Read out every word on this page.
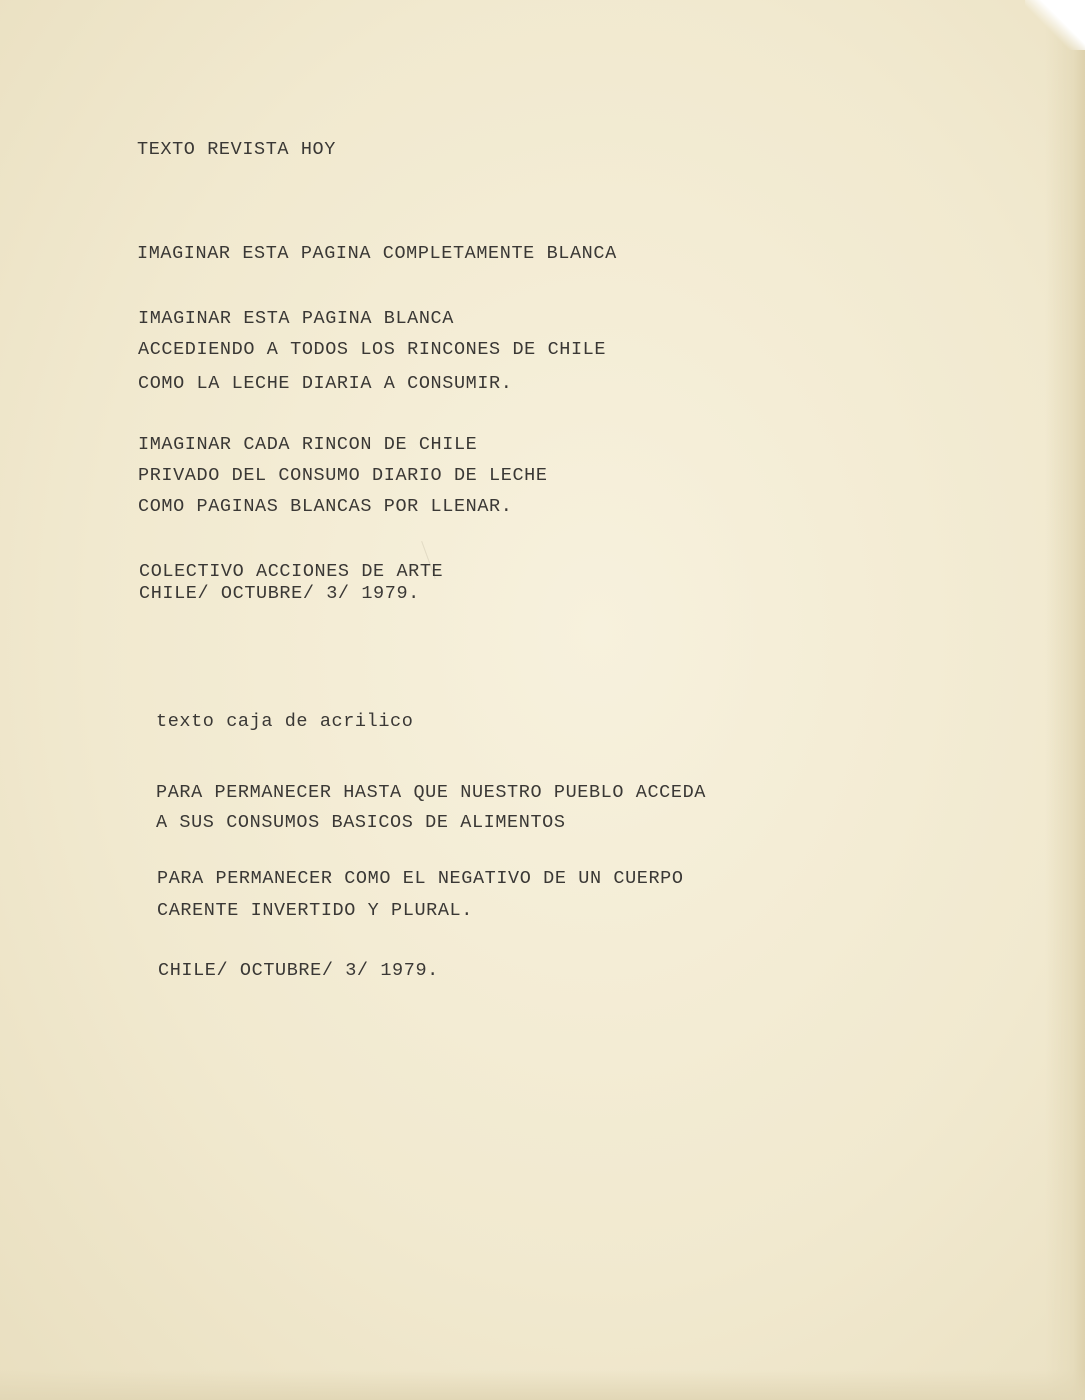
TEXTO REVISTA HOY
IMAGINAR ESTA PAGINA COMPLETAMENTE BLANCA
IMAGINAR ESTA PAGINA BLANCA
ACCEDIENDO A TODOS LOS RINCONES DE CHILE
COMO LA LECHE DIARIA A CONSUMIR.
IMAGINAR CADA RINCON DE CHILE
PRIVADO DEL CONSUMO DIARIO DE LECHE
COMO PAGINAS BLANCAS POR LLENAR.
COLECTIVO ACCIONES DE ARTE
CHILE/ OCTUBRE/ 3/ 1979.
texto caja de acrilico
PARA PERMANECER HASTA QUE NUESTRO PUEBLO ACCEDA
A SUS CONSUMOS BASICOS DE ALIMENTOS
PARA PERMANECER COMO EL NEGATIVO DE UN CUERPO
CARENTE INVERTIDO Y PLURAL.
CHILE/ OCTUBRE/ 3/ 1979.
